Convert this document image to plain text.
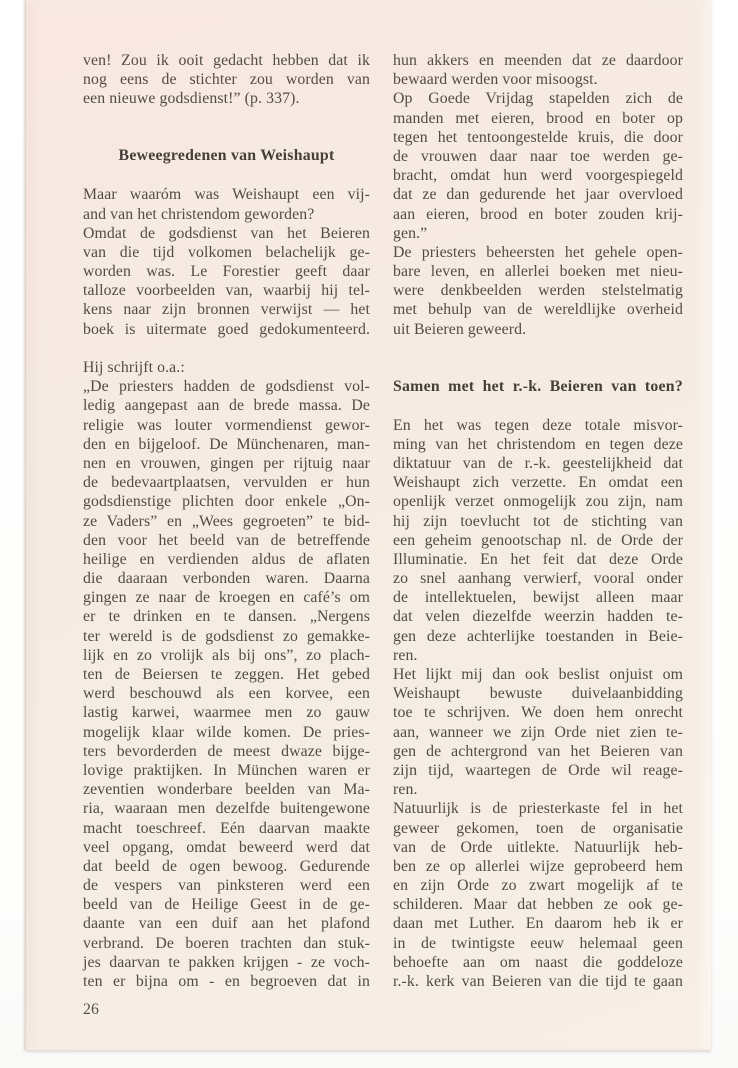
ven! Zou ik ooit gedacht hebben dat ik
nog eens de stichter zou worden van
een nieuwe godsdienst!” (p. 337).
Beweegredenen van Weishaupt
Maar waaróm was Weishaupt een vij-
and van het christendom geworden?
Omdat de godsdienst van het Beieren
van die tijd volkomen belachelijk ge-
worden was. Le Forestier geeft daar
talloze voorbeelden van, waarbij hij tel-
kens naar zijn bronnen verwijst — het
boek is uitermate goed gedokumenteerd.
Hij schrijft o.a.:
„De priesters hadden de godsdienst vol-
ledig aangepast aan de brede massa. De
religie was louter vormendienst gewor-
den en bijgeloof. De Münchenaren, man-
nen en vrouwen, gingen per rijtuig naar
de bedevaartplaatsen, vervulden er hun
godsdienstige plichten door enkele „On-
ze Vaders” en „Wees gegroeten” te bid-
den voor het beeld van de betreffende
heilige en verdienden aldus de aflaten
die daaraan verbonden waren. Daarna
gingen ze naar de kroegen en café’s om
er te drinken en te dansen. „Nergens
ter wereld is de godsdienst zo gemakke-
lijk en zo vrolijk als bij ons”, zo plach-
ten de Beiersen te zeggen. Het gebed
werd beschouwd als een korvee, een
lastig karwei, waarmee men zo gauw
mogelijk klaar wilde komen. De pries-
ters bevorderden de meest dwaze bijge-
lovige praktijken. In München waren er
zeventien wonderbare beelden van Ma-
ria, waaraan men dezelfde buitengewone
macht toeschreef. Eén daarvan maakte
veel opgang, omdat beweerd werd dat
dat beeld de ogen bewoog. Gedurende
de vespers van pinksteren werd een
beeld van de Heilige Geest in de ge-
daante van een duif aan het plafond
verbrand. De boeren trachten dan stuk-
jes daarvan te pakken krijgen - ze voch-
ten er bijna om - en begroeven dat in
26
hun akkers en meenden dat ze daardoor
bewaard werden voor misoogst.
Op Goede Vrijdag stapelden zich de
manden met eieren, brood en boter op
tegen het tentoongestelde kruis, die door
de vrouwen daar naar toe werden ge-
bracht, omdat hun werd voorgespiegeld
dat ze dan gedurende het jaar overvloed
aan eieren, brood en boter zouden krij-
gen.”
De priesters beheersten het gehele open-
bare leven, en allerlei boeken met nieu-
were denkbeelden werden stelstelmatig
met behulp van de wereldlijke overheid
uit Beieren geweerd.
Samen met het r.-k. Beieren van toen?
En het was tegen deze totale misvor-
ming van het christendom en tegen deze
diktatuur van de r.-k. geestelijkheid dat
Weishaupt zich verzette. En omdat een
openlijk verzet onmogelijk zou zijn, nam
hij zijn toevlucht tot de stichting van
een geheim genootschap nl. de Orde der
Illuminatie. En het feit dat deze Orde
zo snel aanhang verwierf, vooral onder
de intellektuelen, bewijst alleen maar
dat velen diezelfde weerzin hadden te-
gen deze achterlijke toestanden in Beie-
ren.
Het lijkt mij dan ook beslist onjuist om
Weishaupt bewuste duivelaanbidding
toe te schrijven. We doen hem onrecht
aan, wanneer we zijn Orde niet zien te-
gen de achtergrond van het Beieren van
zijn tijd, waartegen de Orde wil reage-
ren.
Natuurlijk is de priesterkaste fel in het
geweer gekomen, toen de organisatie
van de Orde uitlekte. Natuurlijk heb-
ben ze op allerlei wijze geprobeerd hem
en zijn Orde zo zwart mogelijk af te
schilderen. Maar dat hebben ze ook ge-
daan met Luther. En daarom heb ik er
in de twintigste eeuw helemaal geen
behoefte aan om naast die goddeloze
r.-k. kerk van Beieren van die tijd te gaan
